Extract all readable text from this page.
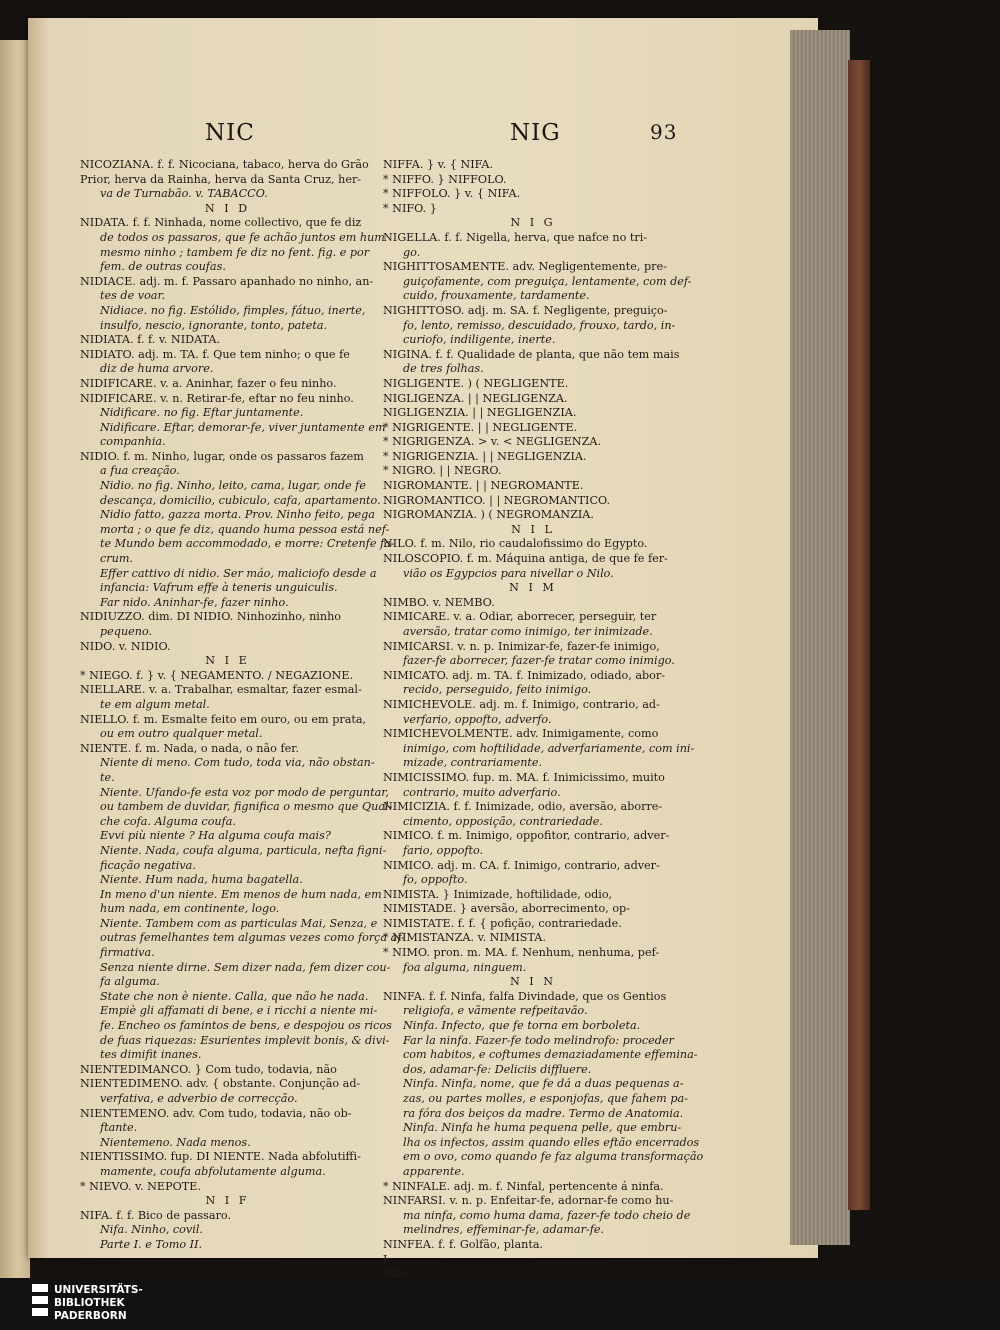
NIC	NIG	93

NICOZIANA. f. f. Nicociana, tabaco, herva do Grão

Prior, herva da Rainha, herva da Santa Cruz, her-

va de Turnabão. v. TABACCO.

N I D

NIDATA. f. f. Ninhada, nome collectivo, que fe diz

de todos os passaros, que fe achão juntos em hum

mesmo ninho ; tambem fe diz no fent. fig. e por

fem. de outras coufas.

NIDIACE. adj. m. f. Passaro apanhado no ninho, an-

tes de voar.

Nidiace. no fig. Estólido, fimples, fátuo, inerte,

insulfo, nescio, ignorante, tonto, pateta.

NIDIATA. f. f. v. NIDATA.

NIDIATO. adj. m. TA. f. Que tem ninho; o que fe

diz de huma arvore.

NIDIFICARE. v. a. Aninhar, fazer o feu ninho.

NIDIFICARE. v. n. Retirar-fe, eftar no feu ninho.

Nidificare. no fig. Eftar juntamente.

Nidificare. Eftar, demorar-fe, viver juntamente em

companhia.

NIDIO. f. m. Ninho, lugar, onde os passaros fazem

a fua creação.

Nidio. no fig. Ninho, leito, cama, lugar, onde fe

descança, domicilio, cubiculo, cafa, apartamento.

Nidio fatto, gazza morta. Prov. Ninho feito, pega

morta ; o que fe diz, quando huma pessoa está nef-

te Mundo bem accommodado, e morre: Cretenfe fa-

crum.

Effer cattivo di nidio. Ser máo, maliciofo desde a

infancia: Vafrum effe à teneris unguiculis.

Far nido. Aninhar-fe, fazer ninho.

NIDIUZZO. dim. DI NIDIO. Ninhozinho, ninho

pequeno.

NIDO. v. NIDIO.

N I E

* NIEGO. f. } v. { NEGAMENTO. / NEGAZIONE.

NIELLARE. v. a. Trabalhar, esmaltar, fazer esmal-

te em algum metal.

NIELLO. f. m. Esmalte feito em ouro, ou em prata,

ou em outro qualquer metal.

NIENTE. f. m. Nada, o nada, o não fer.

Niente di meno. Com tudo, toda via, não obstan-

te.

Niente. Ufando-fe esta voz por modo de perguntar,

ou tambem de duvidar, fignifica o mesmo que Qual-

che cofa. Alguma coufa.

Evvi più niente ? Ha alguma coufa mais?

Niente. Nada, coufa alguma, particula, nefta figni-

ficação negativa.

Niente. Hum nada, huma bagatella.

In meno d'un niente. Em menos de hum nada, em

hum nada, em continente, logo.

Niente. Tambem com as particulas Mai, Senza, e

outras femelhantes tem algumas vezes como força af-

firmativa.

Senza niente dirne. Sem dizer nada, fem dizer cou-

fa alguma.

State che non è niente. Calla, que não he nada.

Empiè gli affamati di bene, e i ricchi a niente mi-

fe. Encheo os famintos de bens, e despojou os ricos

de fuas riquezas: Esurientes implevit bonis, & divi-

tes dimifit inanes.

NIENTEDIMANCO. } Com tudo, todavia, não

NIENTEDIMENO. adv. { obstante. Conjunção ad-

verfativa, e adverbio de correcção.

NIENTEMENO. adv. Com tudo, todavia, não ob-

ftante.

Nientemeno. Nada menos.

NIENTISSIMO. fup. DI NIENTE. Nada abfolutiffi-

mamente, coufa abfolutamente alguma.

* NIEVO. v. NEPOTE.

N I F

NIFA. f. f. Bico de passaro.

Nifa. Ninho, covil.

Parte I. e Tomo II.

NIFFA. } v. { NIFA.

* NIFFO. } NIFFOLO.

* NIFFOLO. } v. { NIFA.

* NIFO. }

N I G

NIGELLA. f. f. Nigella, herva, que nafce no tri-

go.

NIGHITTOSAMENTE. adv. Negligentemente, pre-

guiçofamente, com preguiça, lentamente, com def-

cuido, frouxamente, tardamente.

NIGHITTOSO. adj. m. SA. f. Negligente, preguiço-

fo, lento, remisso, descuidado, frouxo, tardo, in-

curiofo, indiligente, inerte.

NIGINA. f. f. Qualidade de planta, que não tem mais

de tres folhas.

NIGLIGENTE. ) ( NEGLIGENTE.

NIGLIGENZA. | | NEGLIGENZA.

NIGLIGENZIA. | | NEGLIGENZIA.

* NIGRIGENTE. | | NEGLIGENTE.

* NIGRIGENZA. > v. < NEGLIGENZA.

* NIGRIGENZIA. | | NEGLIGENZIA.

* NIGRO. | | NEGRO.

NIGROMANTE. | | NEGROMANTE.

NIGROMANTICO. | | NEGROMANTICO.

NIGROMANZIA. ) ( NEGROMANZIA.

N I L

NILO. f. m. Nilo, rio caudalofissimo do Egypto.

NILOSCOPIO. f. m. Máquina antiga, de que fe fer-

vião os Egypcios para nivellar o Nilo.

N I M

NIMBO. v. NEMBO.

NIMICARE. v. a. Odiar, aborrecer, perseguir, ter

aversão, tratar como inimigo, ter inimizade.

NIMICARSI. v. n. p. Inimizar-fe, fazer-fe inimigo,

fazer-fe aborrecer, fazer-fe tratar como inimigo.

NIMICATO. adj. m. TA. f. Inimizado, odiado, abor-

recido, perseguido, feito inimigo.

NIMICHEVOLE. adj. m. f. Inimigo, contrario, ad-

verfario, oppofto, adverfo.

NIMICHEVOLMENTE. adv. Inimigamente, como

inimigo, com hoftilidade, adverfariamente, com ini-

mizade, contrariamente.

NIMICISSIMO. fup. m. MA. f. Inimicissimo, muito

contrario, muito adverfario.

NIMICIZIA. f. f. Inimizade, odio, aversão, aborre-

cimento, opposição, contrariedade.

NIMICO. f. m. Inimigo, oppofitor, contrario, adver-

fario, oppofto.

NIMICO. adj. m. CA. f. Inimigo, contrario, adver-

fo, oppofto.

NIMISTA. } Inimizade, hoftilidade, odio,

NIMISTADE. } aversão, aborrecimento, op-

NIMISTATE. f. f. { pofição, contrariedade.

* NIMISTANZA. v. NIMISTA.

* NIMO. pron. m. MA. f. Nenhum, nenhuma, pef-

foa alguma, ninguem.

N I N

NINFA. f. f. Ninfa, falfa Divindade, que os Gentios

religiofa, e vãmente refpeitavão.

Ninfa. Infecto, que fe torna em borboleta.

Far la ninfa. Fazer-fe todo melindrofo: proceder

com habitos, e coftumes demaziadamente effemina-

dos, adamar-fe: Deliciis diffluere.

Ninfa. Ninfa, nome, que fe dá a duas pequenas a-

zas, ou partes molles, e esponjofas, que fahem pa-

ra fóra dos beiços da madre. Termo de Anatomia.

Ninfa. Ninfa he huma pequena pelle, que embru-

lha os infectos, assim quando elles eftão encerrados

em o ovo, como quando fe faz alguma transformação

apparente.

* NINFALE. adj. m. f. Ninfal, pertencente á ninfa.

NINFARSI. v. n. p. Enfeitar-fe, adornar-fe como hu-

ma ninfa, como huma dama, fazer-fe todo cheio de

melindres, effeminar-fe, adamar-fe.

NINFEA. f. f. Golfão, planta.

I

Nin-

UNIVERSITÄTS-
BIBLIOTHEK
PADERBORN
